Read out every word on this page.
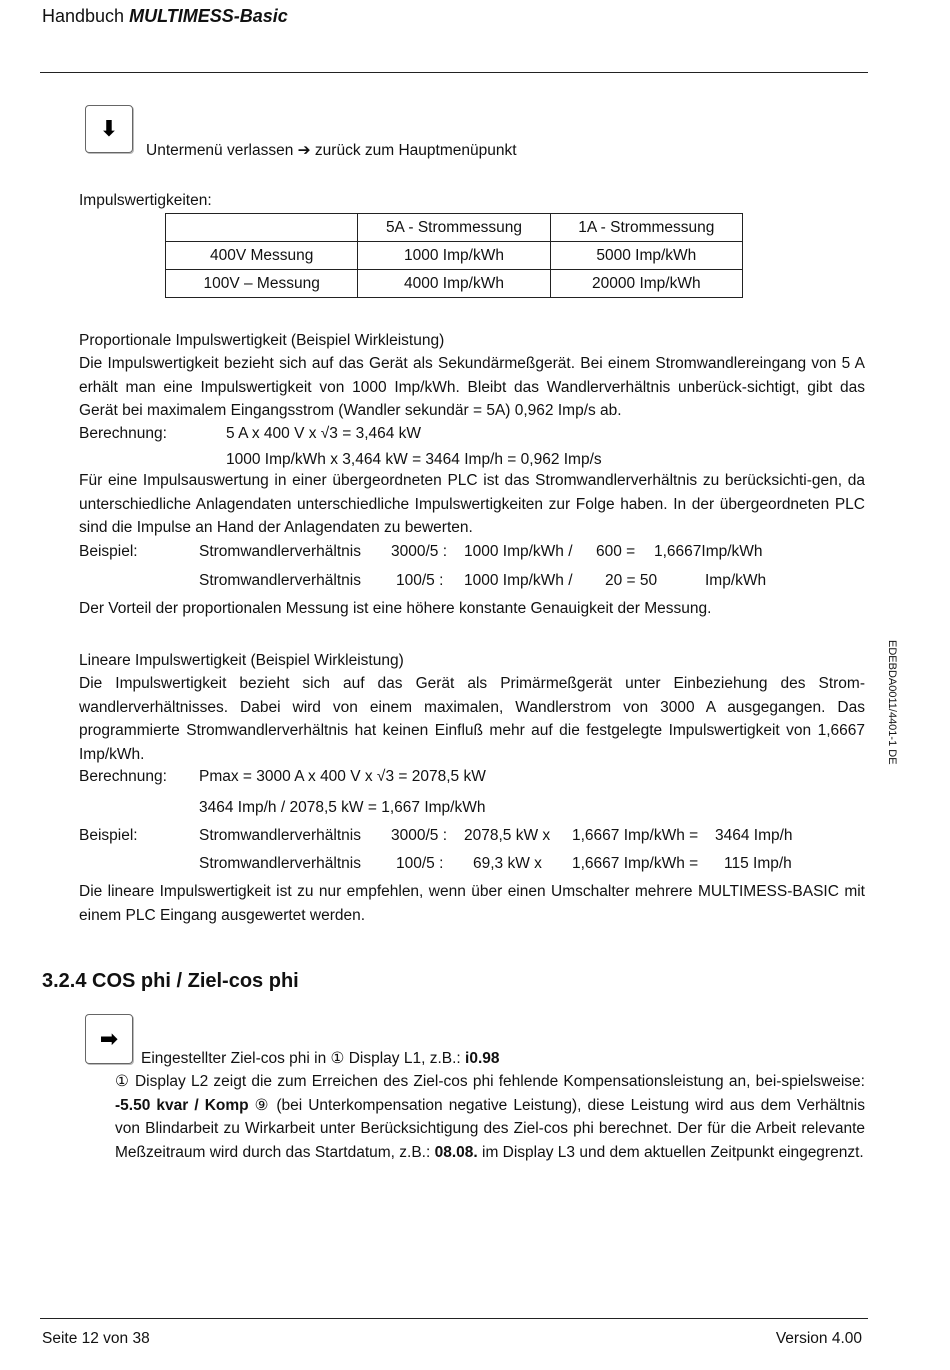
Handbuch MULTIMESS-Basic
⬇
Untermenü verlassen ➔ zurück zum Hauptmenüpunkt
Impulswertigkeiten:
	5A - Strommessung	1A - Strommessung
400V Messung	1000 Imp/kWh	5000 Imp/kWh
100V – Messung	4000 Imp/kWh	20000 Imp/kWh
Proportionale Impulswertigkeit (Beispiel Wirkleistung)
Die Impulswertigkeit bezieht sich auf das Gerät als Sekundärmeßgerät. Bei einem Stromwandlereingang von 5 A erhält man eine Impulswertigkeit von 1000 Imp/kWh. Bleibt das Wandlerverhältnis unberück-sichtigt, gibt das Gerät bei maximalem Eingangsstrom (Wandler sekundär = 5A) 0,962 Imp/s ab.
Berechnung:	5 A x 400 V x √3 = 3,464 kW
1000 Imp/kWh x 3,464 kW = 3464 Imp/h = 0,962 Imp/s
Für eine Impulsauswertung in einer übergeordneten PLC ist das Stromwandlerverhältnis zu berücksichti-gen, da unterschiedliche Anlagendaten unterschiedliche Impulswertigkeiten zur Folge haben. In der übergeordneten PLC sind die Impulse an Hand der Anlagendaten zu bewerten.
Beispiel:	Stromwandlerverhältnis 3000/5 : 1000 Imp/kWh / 600 = 1,6667Imp/kWh
Stromwandlerverhältnis 100/5 : 1000 Imp/kWh / 20 = 50	Imp/kWh
Der Vorteil der proportionalen Messung ist eine höhere konstante Genauigkeit der Messung.
Lineare Impulswertigkeit (Beispiel Wirkleistung)
Die Impulswertigkeit bezieht sich auf das Gerät als Primärmeßgerät unter Einbeziehung des Strom-wandlerverhältnisses. Dabei wird von einem maximalen, Wandlerstrom von 3000 A ausgegangen. Das programmierte Stromwandlerverhältnis hat keinen Einfluß mehr auf die festgelegte Impulswertigkeit von 1,6667 Imp/kWh.
Berechnung: Pmax = 3000 A x 400 V x √3 = 2078,5 kW
3464 Imp/h / 2078,5 kW = 1,667 Imp/kWh
Beispiel:	Stromwandlerverhältnis 3000/5 : 2078,5 kW x 1,6667 Imp/kWh = 3464 Imp/h
Stromwandlerverhältnis 100/5 : 69,3 kW x 1,6667 Imp/kWh = 115 Imp/h
Die lineare Impulswertigkeit ist zu nur empfehlen, wenn über einen Umschalter mehrere MULTIMESS-BASIC mit einem PLC Eingang ausgewertet werden.
3.2.4 COS phi / Ziel-cos phi
➡
Eingestellter Ziel-cos phi in ① Display L1, z.B.: i0.98
① Display L2 zeigt die zum Erreichen des Ziel-cos phi fehlende Kompensationsleistung an, bei-spielsweise: -5.50 kvar / Komp ⑨ (bei Unterkompensation negative Leistung), diese Leistung wird aus dem Verhältnis von Blindarbeit zu Wirkarbeit unter Berücksichtigung des Ziel-cos phi berechnet. Der für die Arbeit relevante Meßzeitraum wird durch das Startdatum, z.B.: 08.08. im Display L3 und dem aktuellen Zeitpunkt eingegrenzt.
EDEBDA0011/4401-1 DE
Seite 12 von 38	Version 4.00
